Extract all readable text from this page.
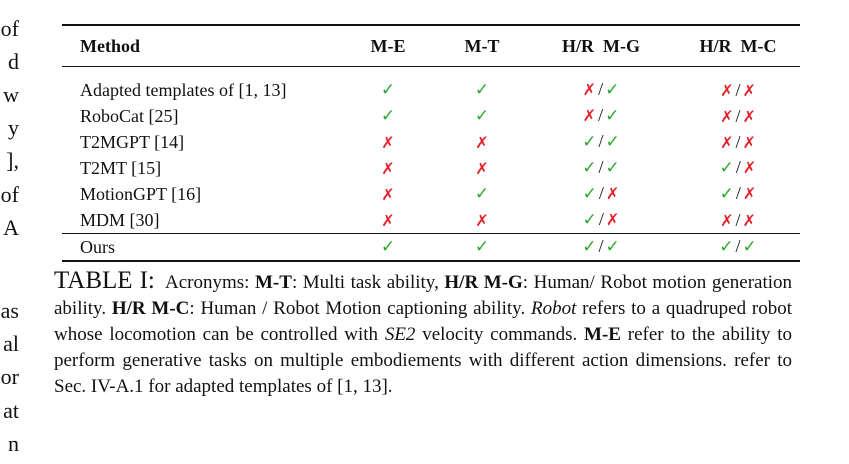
of
d
w
y
],
of
A
as
al
or
at
n
Method	M-E	M-T	H/R  M-G	H/R  M-C
Adapted templates of [1, 13]	✓	✓	✗ / ✓	✗ / ✗
RoboCat [25]	✓	✓	✗ / ✓	✗ / ✗
T2MGPT [14]	✗	✗	✓ / ✓	✗ / ✗
T2MT [15]	✗	✗	✓ / ✓	✓ / ✗
MotionGPT [16]	✗	✓	✓ / ✗	✓ / ✗
MDM [30]	✗	✗	✓ / ✗	✗ / ✗
Ours	✓	✓	✓ / ✓	✓ / ✓
TABLE I: Acronyms: M-T: Multi task ability, H/R M-G: Human/ Robot motion generation ability. H/R M-C: Human / Robot Motion captioning ability. Robot refers to a quadruped robot whose locomotion can be controlled with SE2 velocity commands. M-E refer to the ability to perform generative tasks on multiple embodiements with different action dimensions. refer to Sec. IV-A.1 for adapted templates of [1, 13].
